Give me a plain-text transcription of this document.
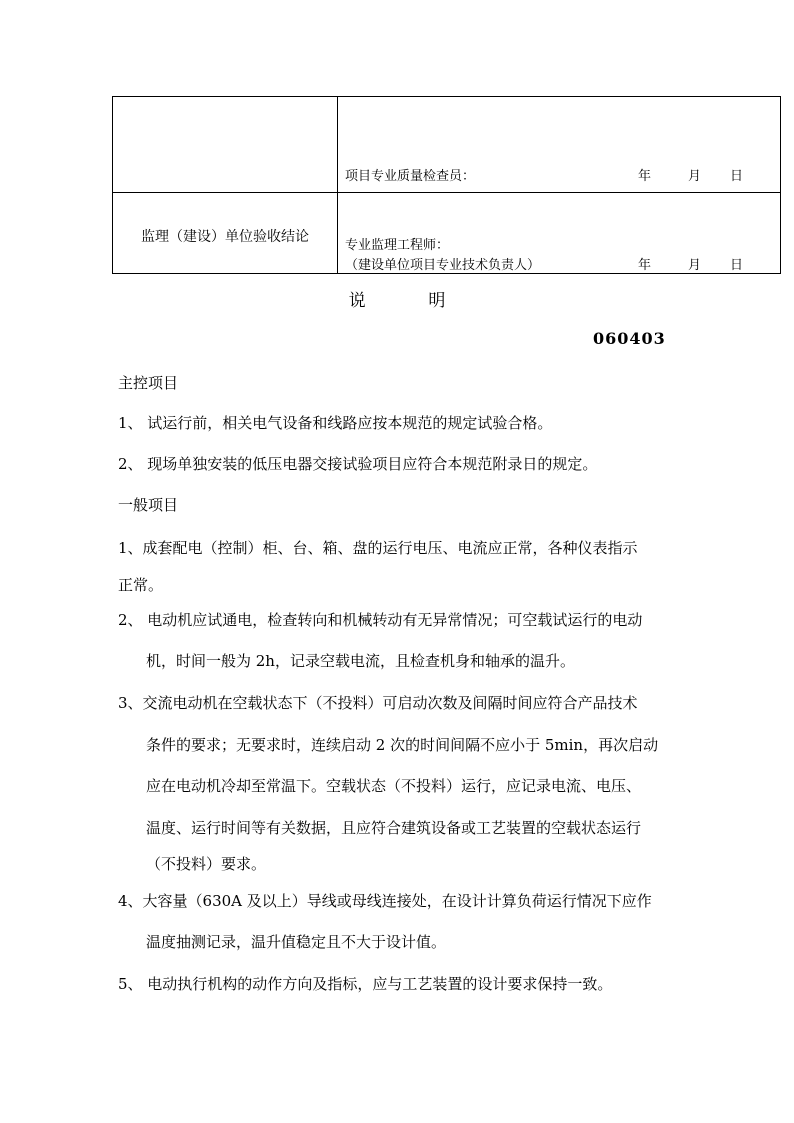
	项目专业质量检查员： 年 月 日

监理（建设）单位验收结论	专业监理工程师：
（建设单位项目专业技术负责人） 年 月 日
说	明
060403
主控项目
1、 试运行前，相关电气设备和线路应按本规范的规定试验合格。
2、 现场单独安装的低压电器交接试验项目应符合本规范附录日的规定。
一般项目
1、成套配电（控制）柜、台、箱、盘的运行电压、电流应正常，各种仪表指示
正常。
2、 电动机应试通电，检查转向和机械转动有无异常情况；可空载试运行的电动
机，时间一般为 2h，记录空载电流，且检查机身和轴承的温升。
3、交流电动机在空载状态下（不投料）可启动次数及间隔时间应符合产品技术
条件的要求；无要求时，连续启动 2 次的时间间隔不应小于 5min，再次启动
应在电动机冷却至常温下。空载状态（不投料）运行，应记录电流、电压、
温度、运行时间等有关数据，且应符合建筑设备或工艺装置的空载状态运行
（不投料）要求。
4、大容量（630A 及以上）导线或母线连接处，在设计计算负荷运行情况下应作
温度抽测记录，温升值稳定且不大于设计值。
5、 电动执行机构的动作方向及指标，应与工艺装置的设计要求保持一致。
